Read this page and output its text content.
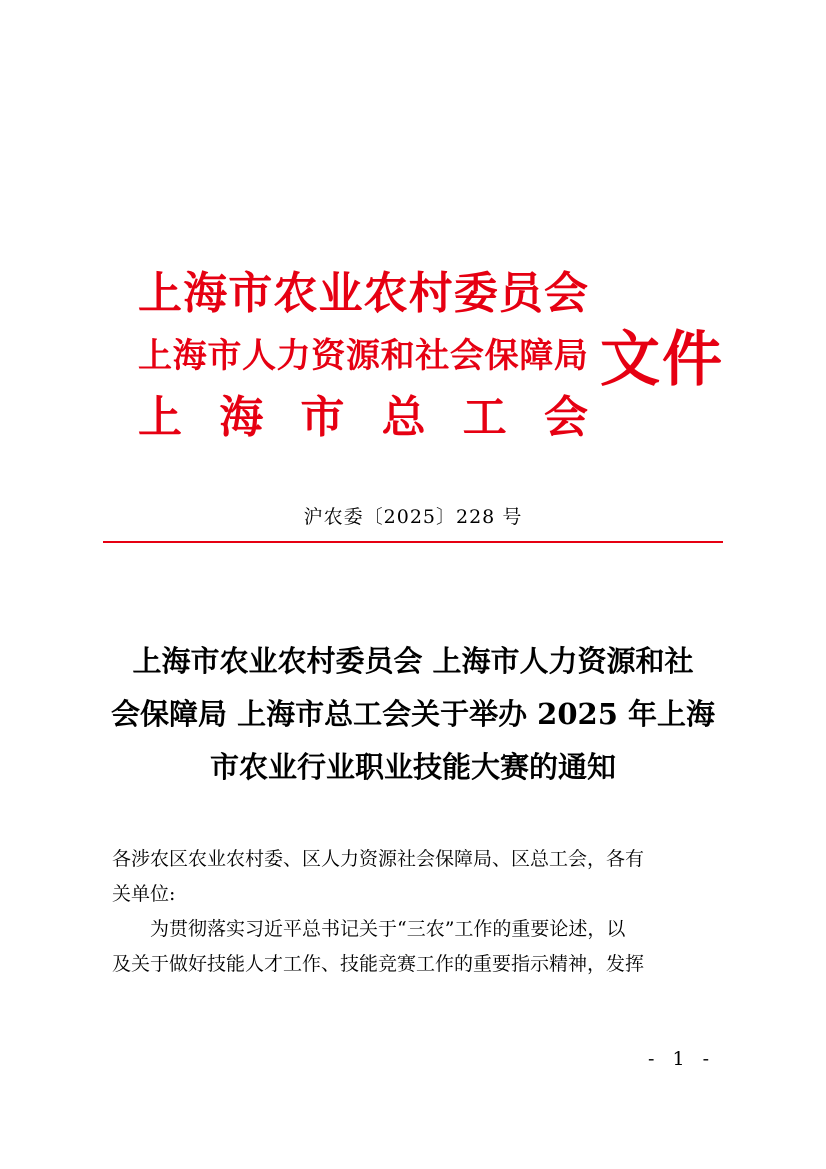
上 海 市 农 业 农 村 委 员 会
上 海 市 人 力 资 源 和 社 会 保 障 局
上 海 市 总 工 会
文件
沪农委〔2025〕228 号
上海市农业农村委员会 上海市人力资源和社
会保障局 上海市总工会关于举办 2025 年上海
市农业行业职业技能大赛的通知

各涉农区农业农村委、区人力资源社会保障局、区总工会，各有

关单位:

为贯彻落实习近平总书记关于“三农”工作的重要论述，以

及关于做好技能人才工作、技能竞赛工作的重要指示精神，发挥

- 1 -
